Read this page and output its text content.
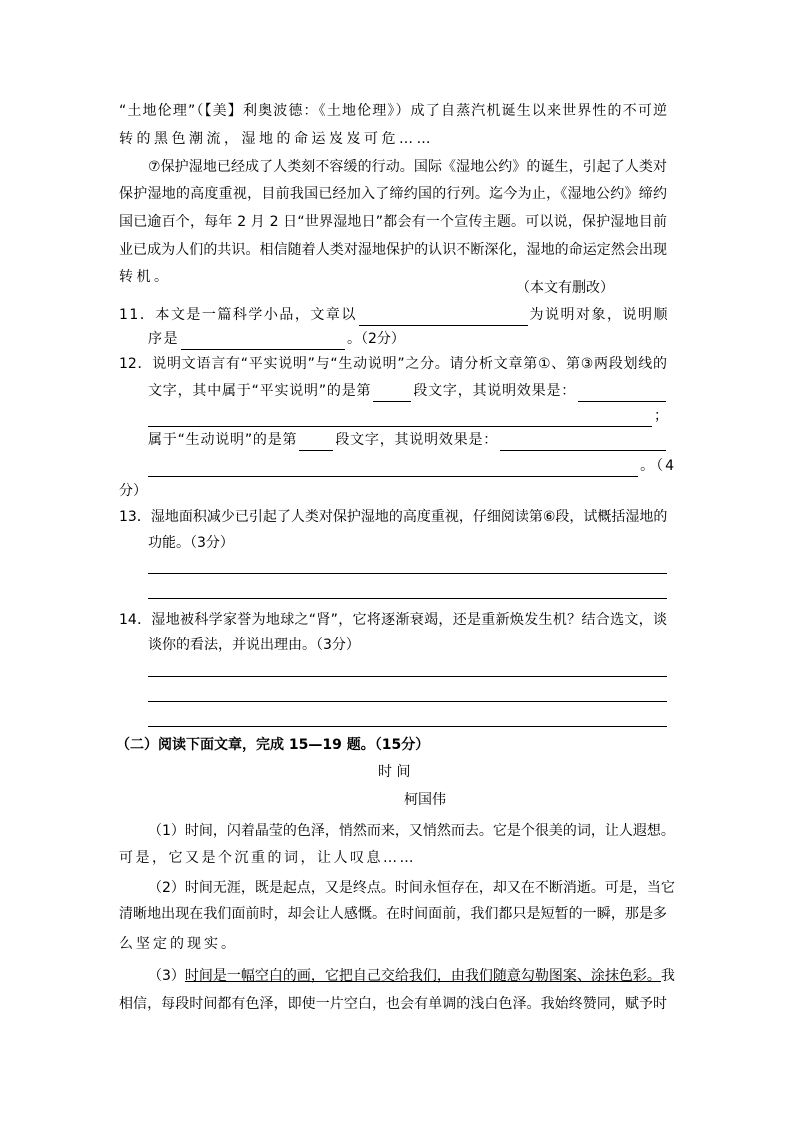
“土地伦理”（【美】利奥波德：《土地伦理》）成了自蒸汽机诞生以来世界性的不可逆
转的黑色潮流，湿地的命运岌岌可危……
⑦保护湿地已经成了人类刻不容缓的行动。国际《湿地公约》的诞生，引起了人类对
保护湿地的高度重视，目前我国已经加入了缔约国的行列。迄今为止，《湿地公约》缔约
国已逾百个，每年 2 月 2 日“世界湿地日”都会有一个宣传主题。可以说，保护湿地目前
业已成为人们的共识。相信随着人类对湿地保护的认识不断深化，湿地的命运定然会出现
转机。
（本文有删改）
11．本文是一篇科学小品，文章以	为说明对象，说明顺
序是	。（2分）
12．说明文语言有“平实说明”与“生动说明”之分。请分析文章第①、第③两段划线的
文字，其中属于“平实说明”的是第	段文字，其说明效果是：
；
属于“生动说明”的是第	段文字，其说明效果是：
。（4
分）
13．湿地面积减少已引起了人类对保护湿地的高度重视，仔细阅读第⑥段，试概括湿地的
功能。（3分）
14．湿地被科学家誉为地球之“肾”，它将逐渐衰竭，还是重新焕发生机？结合选文，谈
谈你的看法，并说出理由。（3分）
（二）阅读下面文章，完成 15—19 题。（15分）
时 间
柯国伟
（1）时间，闪着晶莹的色泽，悄然而来，又悄然而去。它是个很美的词，让人遐想。
可是，它又是个沉重的词，让人叹息……
（2）时间无涯，既是起点，又是终点。时间永恒存在，却又在不断消逝。可是，当它
清晰地出现在我们面前时，却会让人感慨。在时间面前，我们都只是短暂的一瞬，那是多
么坚定的现实。
（3）时间是一幅空白的画，它把自己交给我们，由我们随意勾勒图案、涂抹色彩。我
相信，每段时间都有色泽，即使一片空白，也会有单调的浅白色泽。我始终赞同，赋予时
